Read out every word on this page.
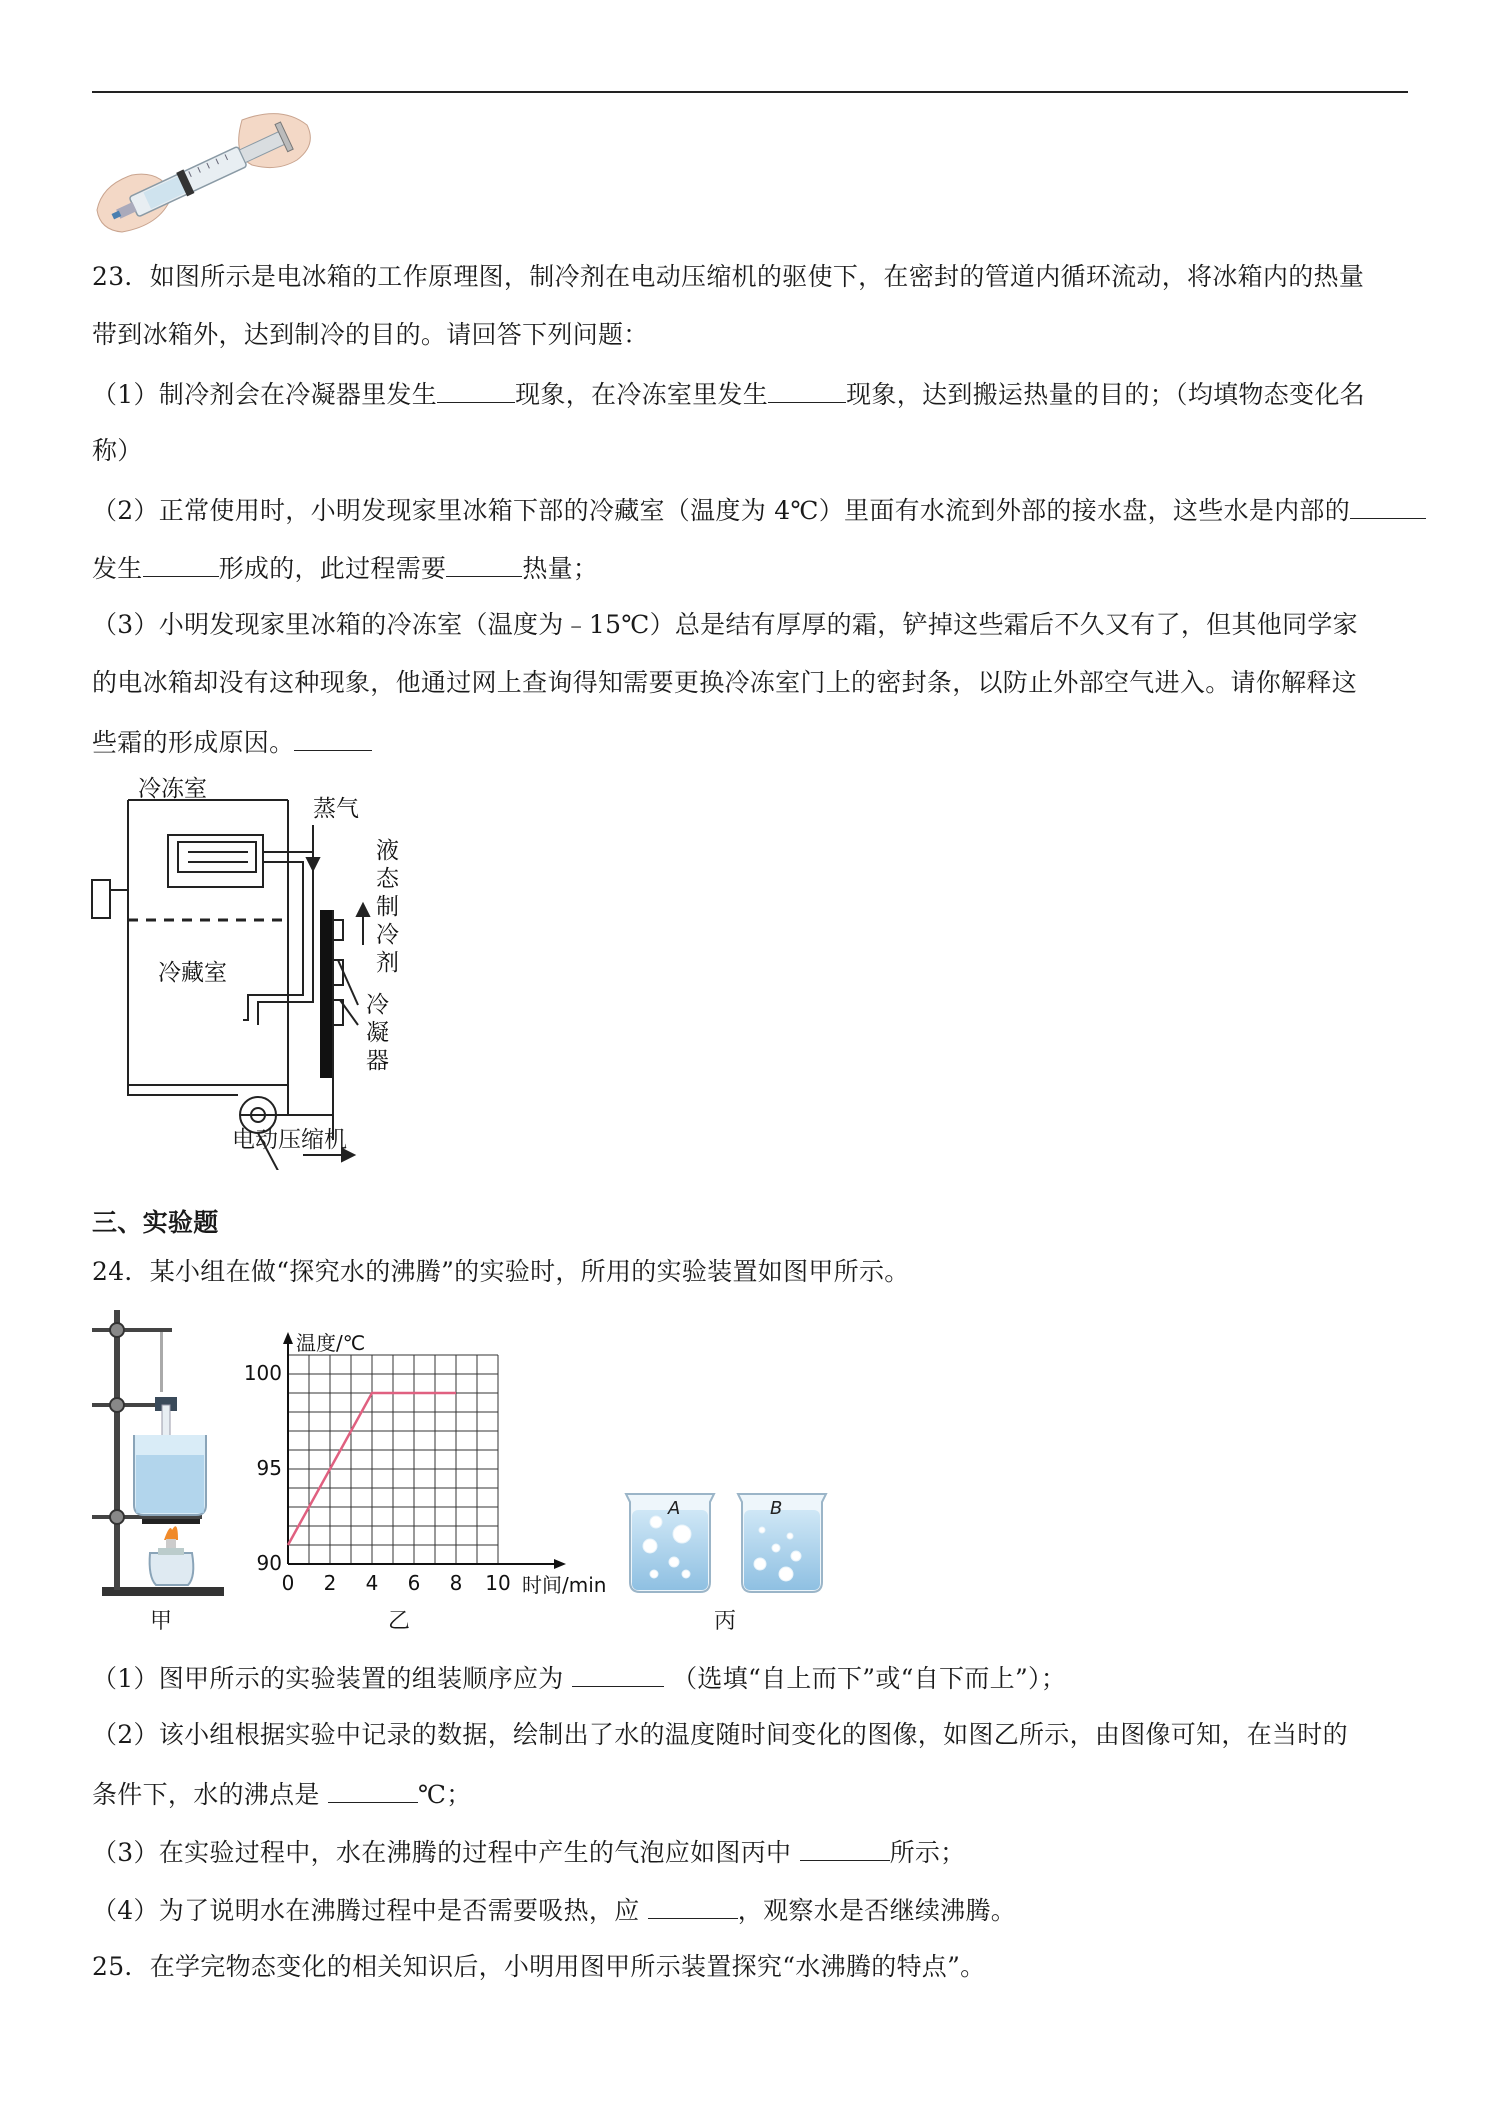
23．如图所示是电冰箱的工作原理图，制冷剂在电动压缩机的驱使下，在密封的管道内循环流动，将冰箱内的热量
带到冰箱外，达到制冷的目的。请回答下列问题：
（1）制冷剂会在冷凝器里发生	现象，在冷冻室里发生	现象，达到搬运热量的目的；（均填物态变化名
称）
（2）正常使用时，小明发现家里冰箱下部的冷藏室（温度为 4℃）里面有水流到外部的接水盘，这些水是内部的
发生	形成的，此过程需要	热量；
（3）小明发现家里冰箱的冷冻室（温度为﹣15℃）总是结有厚厚的霜，铲掉这些霜后不久又有了，但其他同学家
的电冰箱却没有这种现象，他通过网上查询得知需要更换冷冻室门上的密封条，以防止外部空气进入。请你解释这
些霜的形成原因。
冷冻室
蒸气
液
态
制
冷
剂
冷
凝
器
冷藏室
电动压缩机
三、实验题
24．某小组在做“探究水的沸腾”的实验时，所用的实验装置如图甲所示。
温度/℃
时间/min
0 2 4 6 8 10
90
95
100
A	B
甲	乙	丙
（1）图甲所示的实验装置的组装顺序应为	（选填“自上而下”或“自下而上”）；
（2）该小组根据实验中记录的数据，绘制出了水的温度随时间变化的图像，如图乙所示，由图像可知，在当时的
条件下，水的沸点是	℃；
（3）在实验过程中，水在沸腾的过程中产生的气泡应如图丙中	所示；
（4）为了说明水在沸腾过程中是否需要吸热，应	，观察水是否继续沸腾。
25．在学完物态变化的相关知识后，小明用图甲所示装置探究“水沸腾的特点”。
